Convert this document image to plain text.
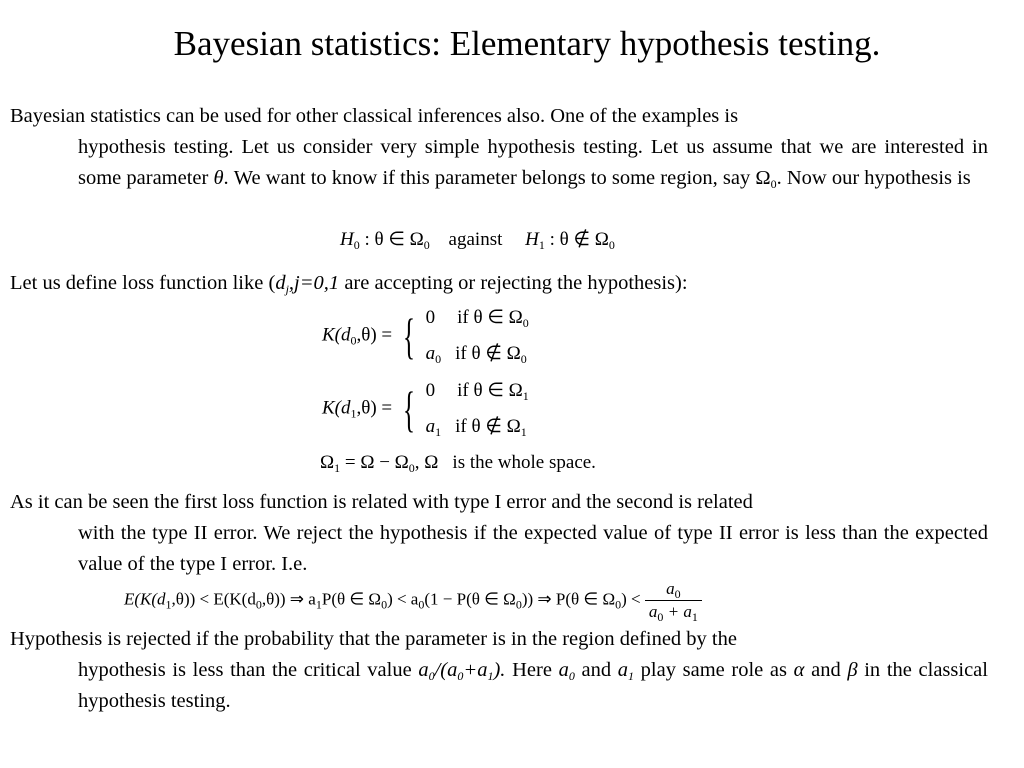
Bayesian statistics: Elementary hypothesis testing.
Bayesian statistics can be used for other classical inferences also. One of the examples is
hypothesis testing. Let us consider very simple hypothesis testing. Let us assume that we are interested in some parameter θ. We want to know if this parameter belongs to some region, say $\Omega_0$. Now our hypothesis is
$H_0$ : θ ∈ $\Omega_0$ against $H_1$ : θ ∉ $\Omega_0$
Let us define loss function like ($d_j,j=0,1$ are accepting or rejecting the hypothesis):
$K(d_0,\theta)$ = { 0 if θ ∈ $\Omega_0$
$a_0$ if θ ∉ $\Omega_0$
$K(d_1,\theta)$ = { 0 if θ ∈ $\Omega_1$
$a_1$ if θ ∉ $\Omega_1$
$\Omega_1 = \Omega - \Omega_0$, Ω is the whole space.
As it can be seen the first loss function is related with type I error and the second is related
with the type II error. We reject the hypothesis if the expected value of type II error is less than the expected value of the type I error. I.e.
$E(K(d_1,\theta)) < E(K(d_0,\theta))$ ⇒ $a_1P(\theta$ ∈ $\Omega_0) < a_0(1 - P(\theta$ ∈ $\Omega_0$)) ⇒ P(θ ∈ $\Omega_0) < \frac{a_0}{a_0 + a_1}$
Hypothesis is rejected if the probability that the parameter is in the region defined by the
hypothesis is less than the critical value $a_0/(a_0+a_1)$. Here $a_0$ and $a_1$ play same role as α and β in the classical hypothesis testing.
